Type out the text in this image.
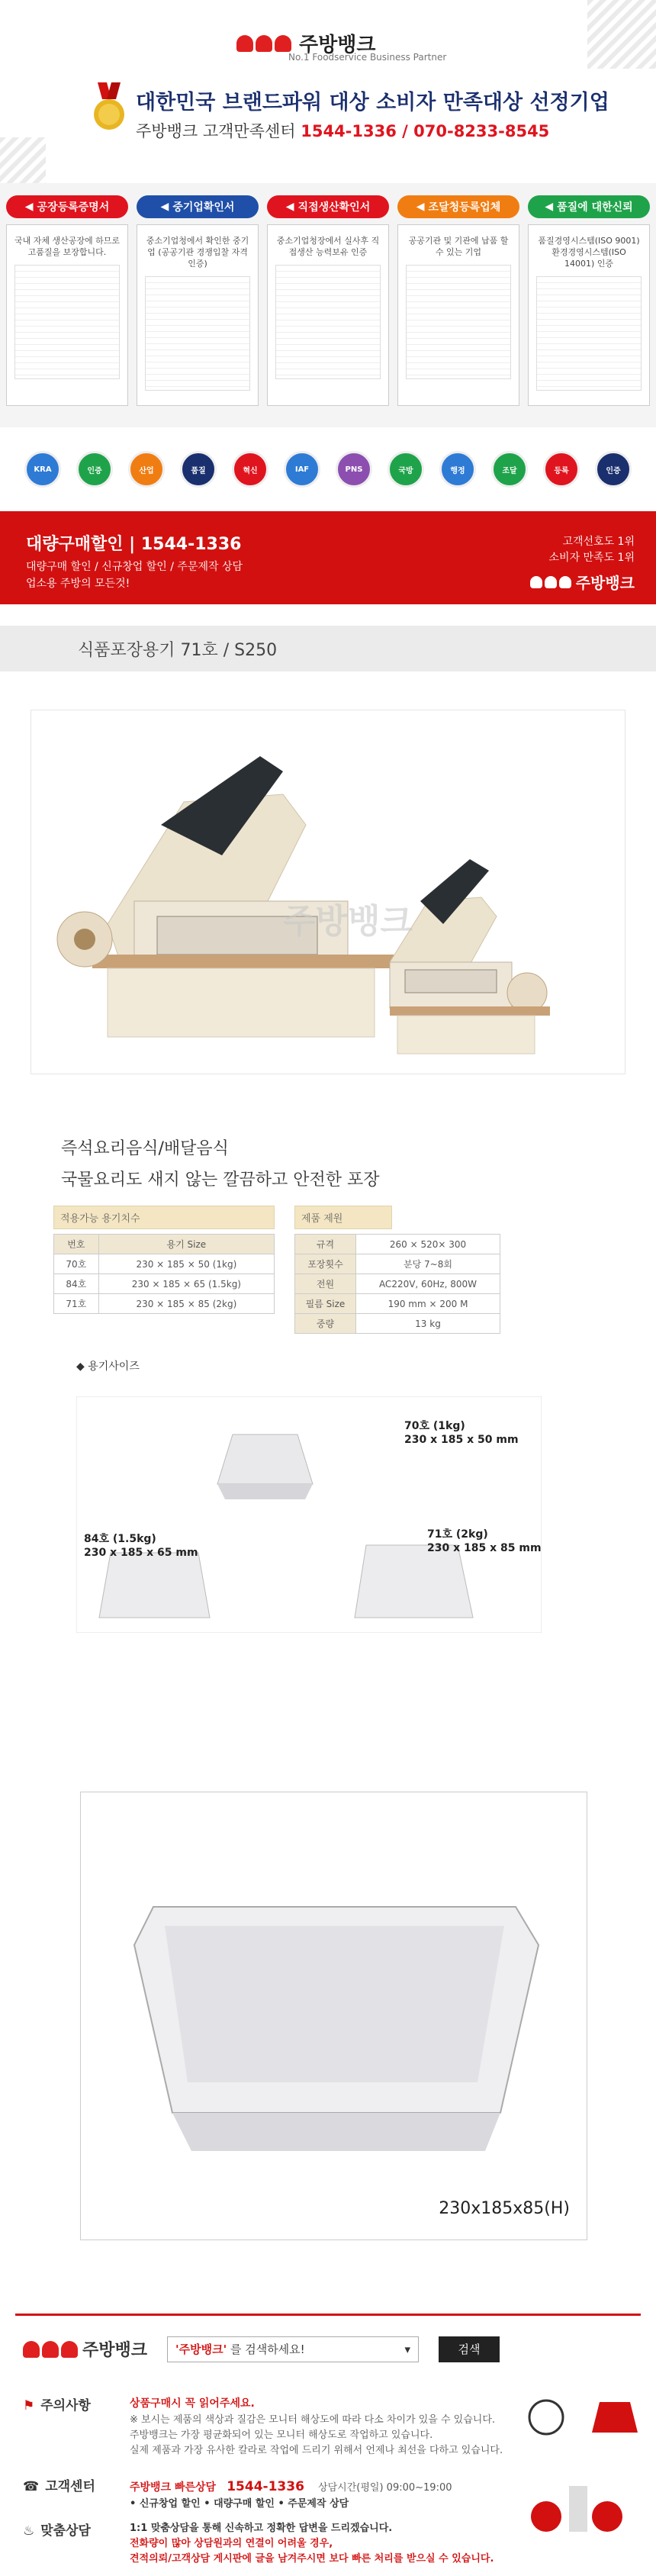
주방뱅크
No.1 Foodservice Business Partner
대한민국 브랜드파워 대상 소비자 만족대상 선정기업
주방뱅크 고객만족센터 1544-1336 / 070-8233-8545
◀ 공장등록증명서
국내 자체 생산공장에 하므로 고품질을 보장합니다.
◀ 중기업확인서
중소기업청에서 확인한 중기업 (공공기관 경쟁입찰 자격인증)
◀ 직접생산확인서
중소기업청장에서 실사후 직접생산 능력보유 인증
◀ 조달청등록업체
공공기관 및 기관에 납품 할 수 있는 기업
◀ 품질에 대한신뢰
품질경영시스템(ISO 9001) 환경경영시스템(ISO 14001) 인증
KRA	인증	산업	품질	혁신	IAF	PNS	국방	행정	조달	등록	인증
대량구매할인 | 1544-1336
대량구매 할인 / 신규창업 할인 / 주문제작 상담
업소용 주방의 모든것!
고객선호도 1위
소비자 만족도 1위
주방뱅크
식품포장용기 71호 / S250
주방뱅크

즉석요리음식/배달음식

국물요리도 새지 않는 깔끔하고 안전한 포장

적용가능 용기치수
번호	용기 Size
70호	230 × 185 × 50 (1kg)
84호	230 × 185 × 65 (1.5kg)
71호	230 × 185 × 85 (2kg)
제품 제원
규격	260 × 520× 300
포장횟수	분당 7~8회
전원	AC220V, 60Hz, 800W
필름 Size	190 mm × 200 M
중량	13 kg
◆ 용기사이즈
70호 (1kg)
230 x 185 x 50 mm
84호 (1.5kg)
230 x 185 x 65 mm
71호 (2kg)
230 x 185 x 85 mm
230x185x85(H)
주방뱅크 '주방뱅크' 를 검색하세요!	▾	검색
⚑ 주의사항	상품구매시 꼭 읽어주세요.
※ 보시는 제품의 색상과 질감은 모니터 해상도에 따라 다소 차이가 있을 수 있습니다.
주방뱅크는 가장 평균화되어 있는 모니터 해상도로 작업하고 있습니다.
실제 제품과 가장 유사한 칼라로 작업에 드리기 위해서 언제나 최선을 다하고 있습니다.
☎ 고객센터	주방뱅크 빠른상담 1544-1336 상담시간(평일) 09:00~19:00
• 신규창업 할인 • 대량구매 할인 • 주문제작 상담
♨ 맞춤상담	1:1 맞춤상담을 통해 신속하고 정확한 답변을 드리겠습니다.
전화량이 많아 상담원과의 연결이 어려울 경우,
견적의뢰/고객상담 게시판에 글을 남겨주시면 보다 빠른 처리를 받으실 수 있습니다.
